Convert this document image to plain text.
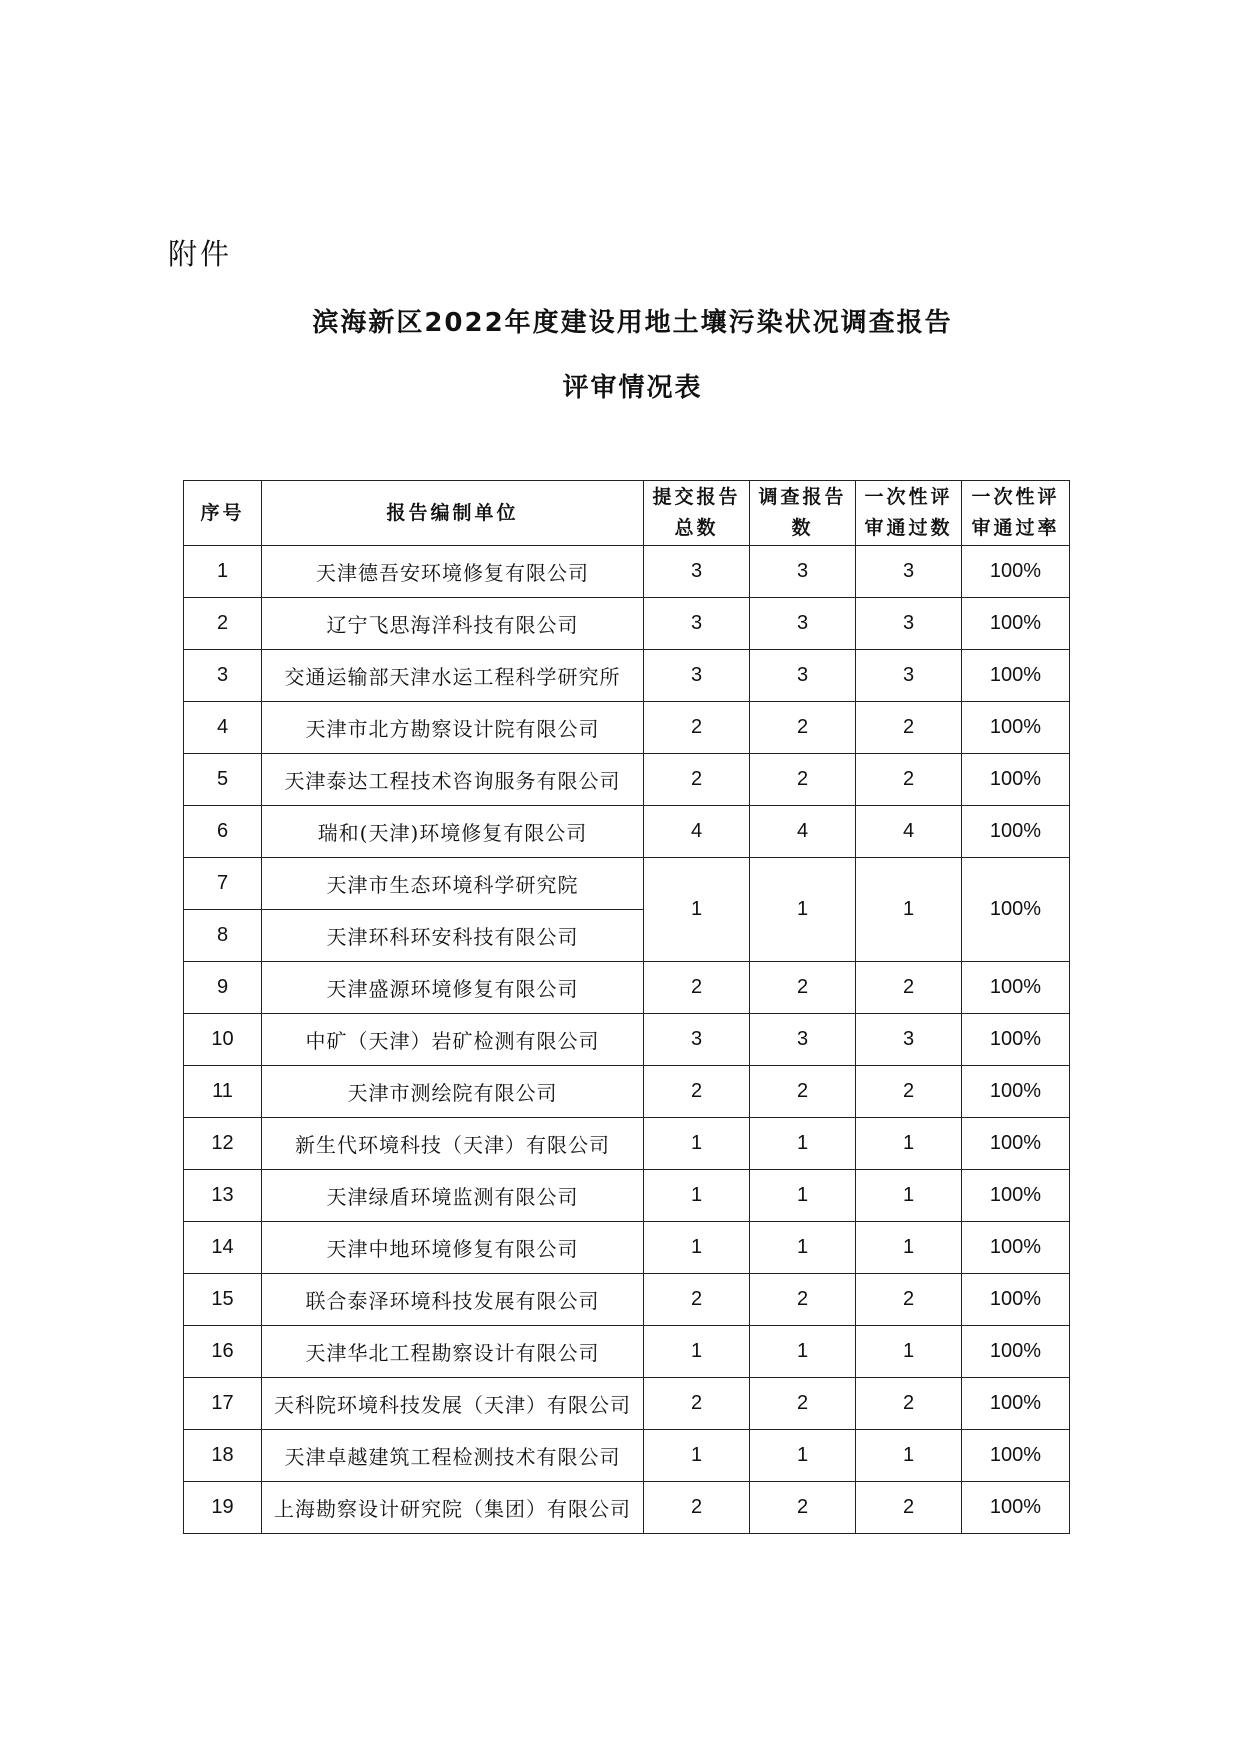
附件
滨海新区2022年度建设用地土壤污染状况调查报告
评审情况表
序号	报告编制单位	提交报告总数	调查报告数	一次性评审通过数	一次性评审通过率
1	天津德吾安环境修复有限公司	3	3	3	100%
2	辽宁飞思海洋科技有限公司	3	3	3	100%
3	交通运输部天津水运工程科学研究所	3	3	3	100%
4	天津市北方勘察设计院有限公司	2	2	2	100%
5	天津泰达工程技术咨询服务有限公司	2	2	2	100%
6	瑞和(天津)环境修复有限公司	4	4	4	100%
7	天津市生态环境科学研究院	1	1	1	100%
8	天津环科环安科技有限公司				
9	天津盛源环境修复有限公司	2	2	2	100%
10	中矿（天津）岩矿检测有限公司	3	3	3	100%
11	天津市测绘院有限公司	2	2	2	100%
12	新生代环境科技（天津）有限公司	1	1	1	100%
13	天津绿盾环境监测有限公司	1	1	1	100%
14	天津中地环境修复有限公司	1	1	1	100%
15	联合泰泽环境科技发展有限公司	2	2	2	100%
16	天津华北工程勘察设计有限公司	1	1	1	100%
17	天科院环境科技发展（天津）有限公司	2	2	2	100%
18	天津卓越建筑工程检测技术有限公司	1	1	1	100%
19	上海勘察设计研究院（集团）有限公司	2	2	2	100%
